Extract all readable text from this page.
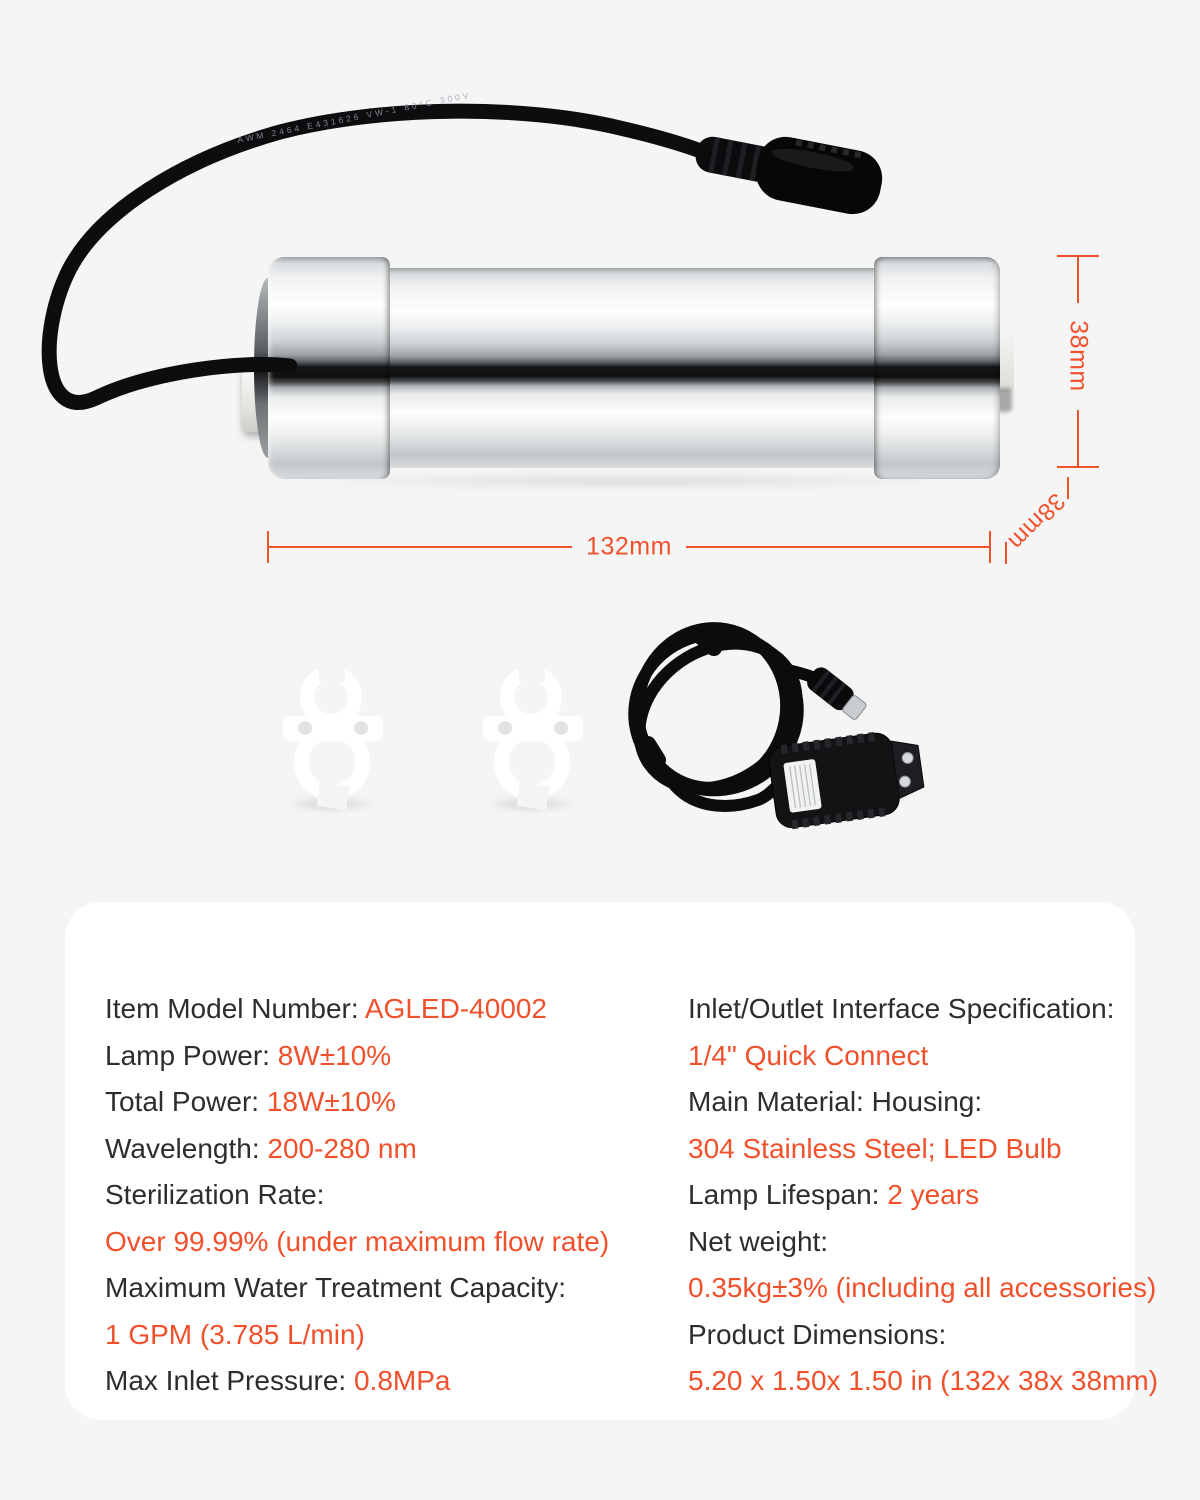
AWM 2464 E431626 VW-1 80°C 300V
38mm
132mm	38mm
Item Model Number: AGLED-40002
Lamp Power: 8W±10%
Total Power: 18W±10%
Wavelength: 200-280 nm
Sterilization Rate:
Over 99.99% (under maximum flow rate)
Maximum Water Treatment Capacity:
1 GPM (3.785 L/min)
Max Inlet Pressure: 0.8MPa
Inlet/Outlet Interface Specification:
1/4" Quick Connect
Main Material: Housing:
304 Stainless Steel; LED Bulb
Lamp Lifespan: 2 years
Net weight:
0.35kg±3% (including all accessories)
Product Dimensions:
5.20 x 1.50x 1.50 in (132x 38x 38mm)
